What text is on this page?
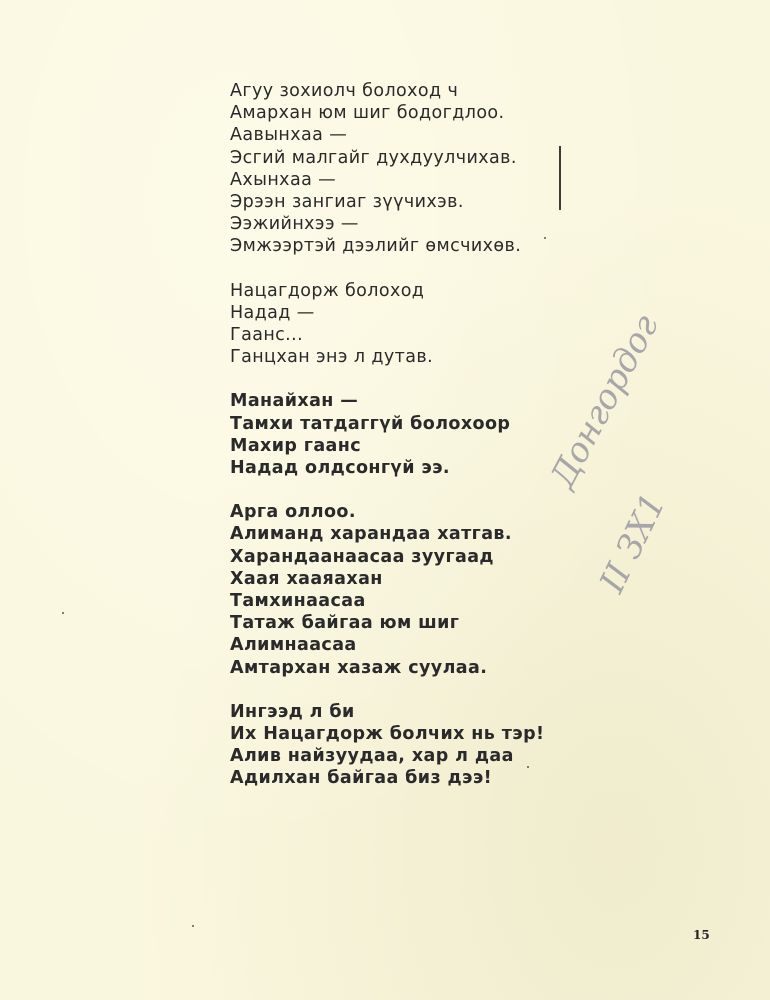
Агуу зохиолч болоход ч
Амархан юм шиг бодогдлоо.
Аавынхаа —
Эсгий малгайг дуxдуулчихав.
Ахынхаа —
Эрээн зангиаг зүүчихэв.
Ээжийнхээ —
Эмжээртэй дээлийг өмсчихөв.
Нацагдорж болоход
Надад —
Гаанс...
Ганцхан энэ л дутав.
Манайхан —
Тамхи татдаггүй болохоор
Махир гаанс
Надад олдсонгүй ээ.
Арга оллоо.
Алиманд харандаа хатгав.
Харандаанаасаа зуугаад
Хаая хааяахан
Тамхинаасаа
Татаж байгаа юм шиг
Алимнаасаа
Амтархан хазаж суулаа.
Ингээд л би
Их Нацагдорж болчих нь тэр!
Алив найзуудаа, хар л даа
Адилхан байгаа биз дээ!
Донгордог
II ЗХ1
15
